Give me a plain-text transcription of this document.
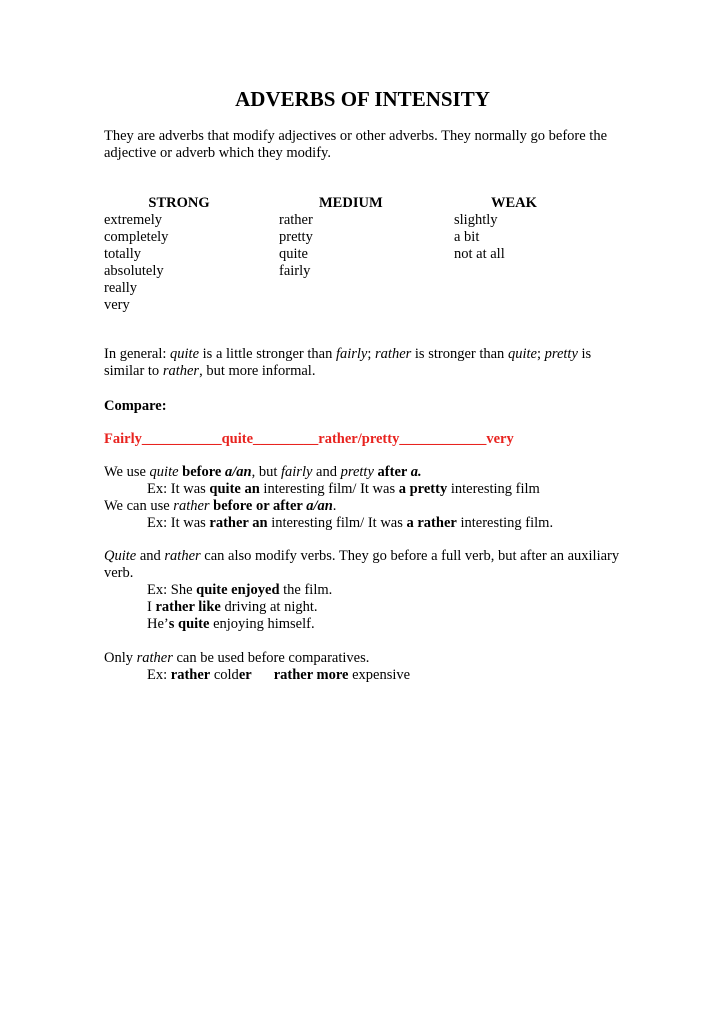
ADVERBS OF INTENSITY
They are adverbs that modify adjectives or other adverbs. They normally go before the adjective or adverb which they modify.
STRONG
extremely
completely
totally
absolutely
really
very
MEDIUM
rather
pretty
quite
fairly
WEAK
slightly
a bit
not at all
In general: quite is a little stronger than fairly; rather is stronger than quite; pretty is similar to rather, but more informal.
Compare:
Fairly___________quite_________rather/pretty____________very
We use quite before a/an, but fairly and pretty after a.
Ex: It was quite an interesting film/ It was a pretty interesting film
We can use rather before or after a/an.
Ex: It was rather an interesting film/ It was a rather interesting film.
Quite and rather can also modify verbs. They go before a full verb, but after an auxiliary verb.
Ex: She quite enjoyed the film.
I rather like driving at night.
He’s quite enjoying himself.
Only rather can be used before comparatives.
Ex: rather colder rather more expensive
